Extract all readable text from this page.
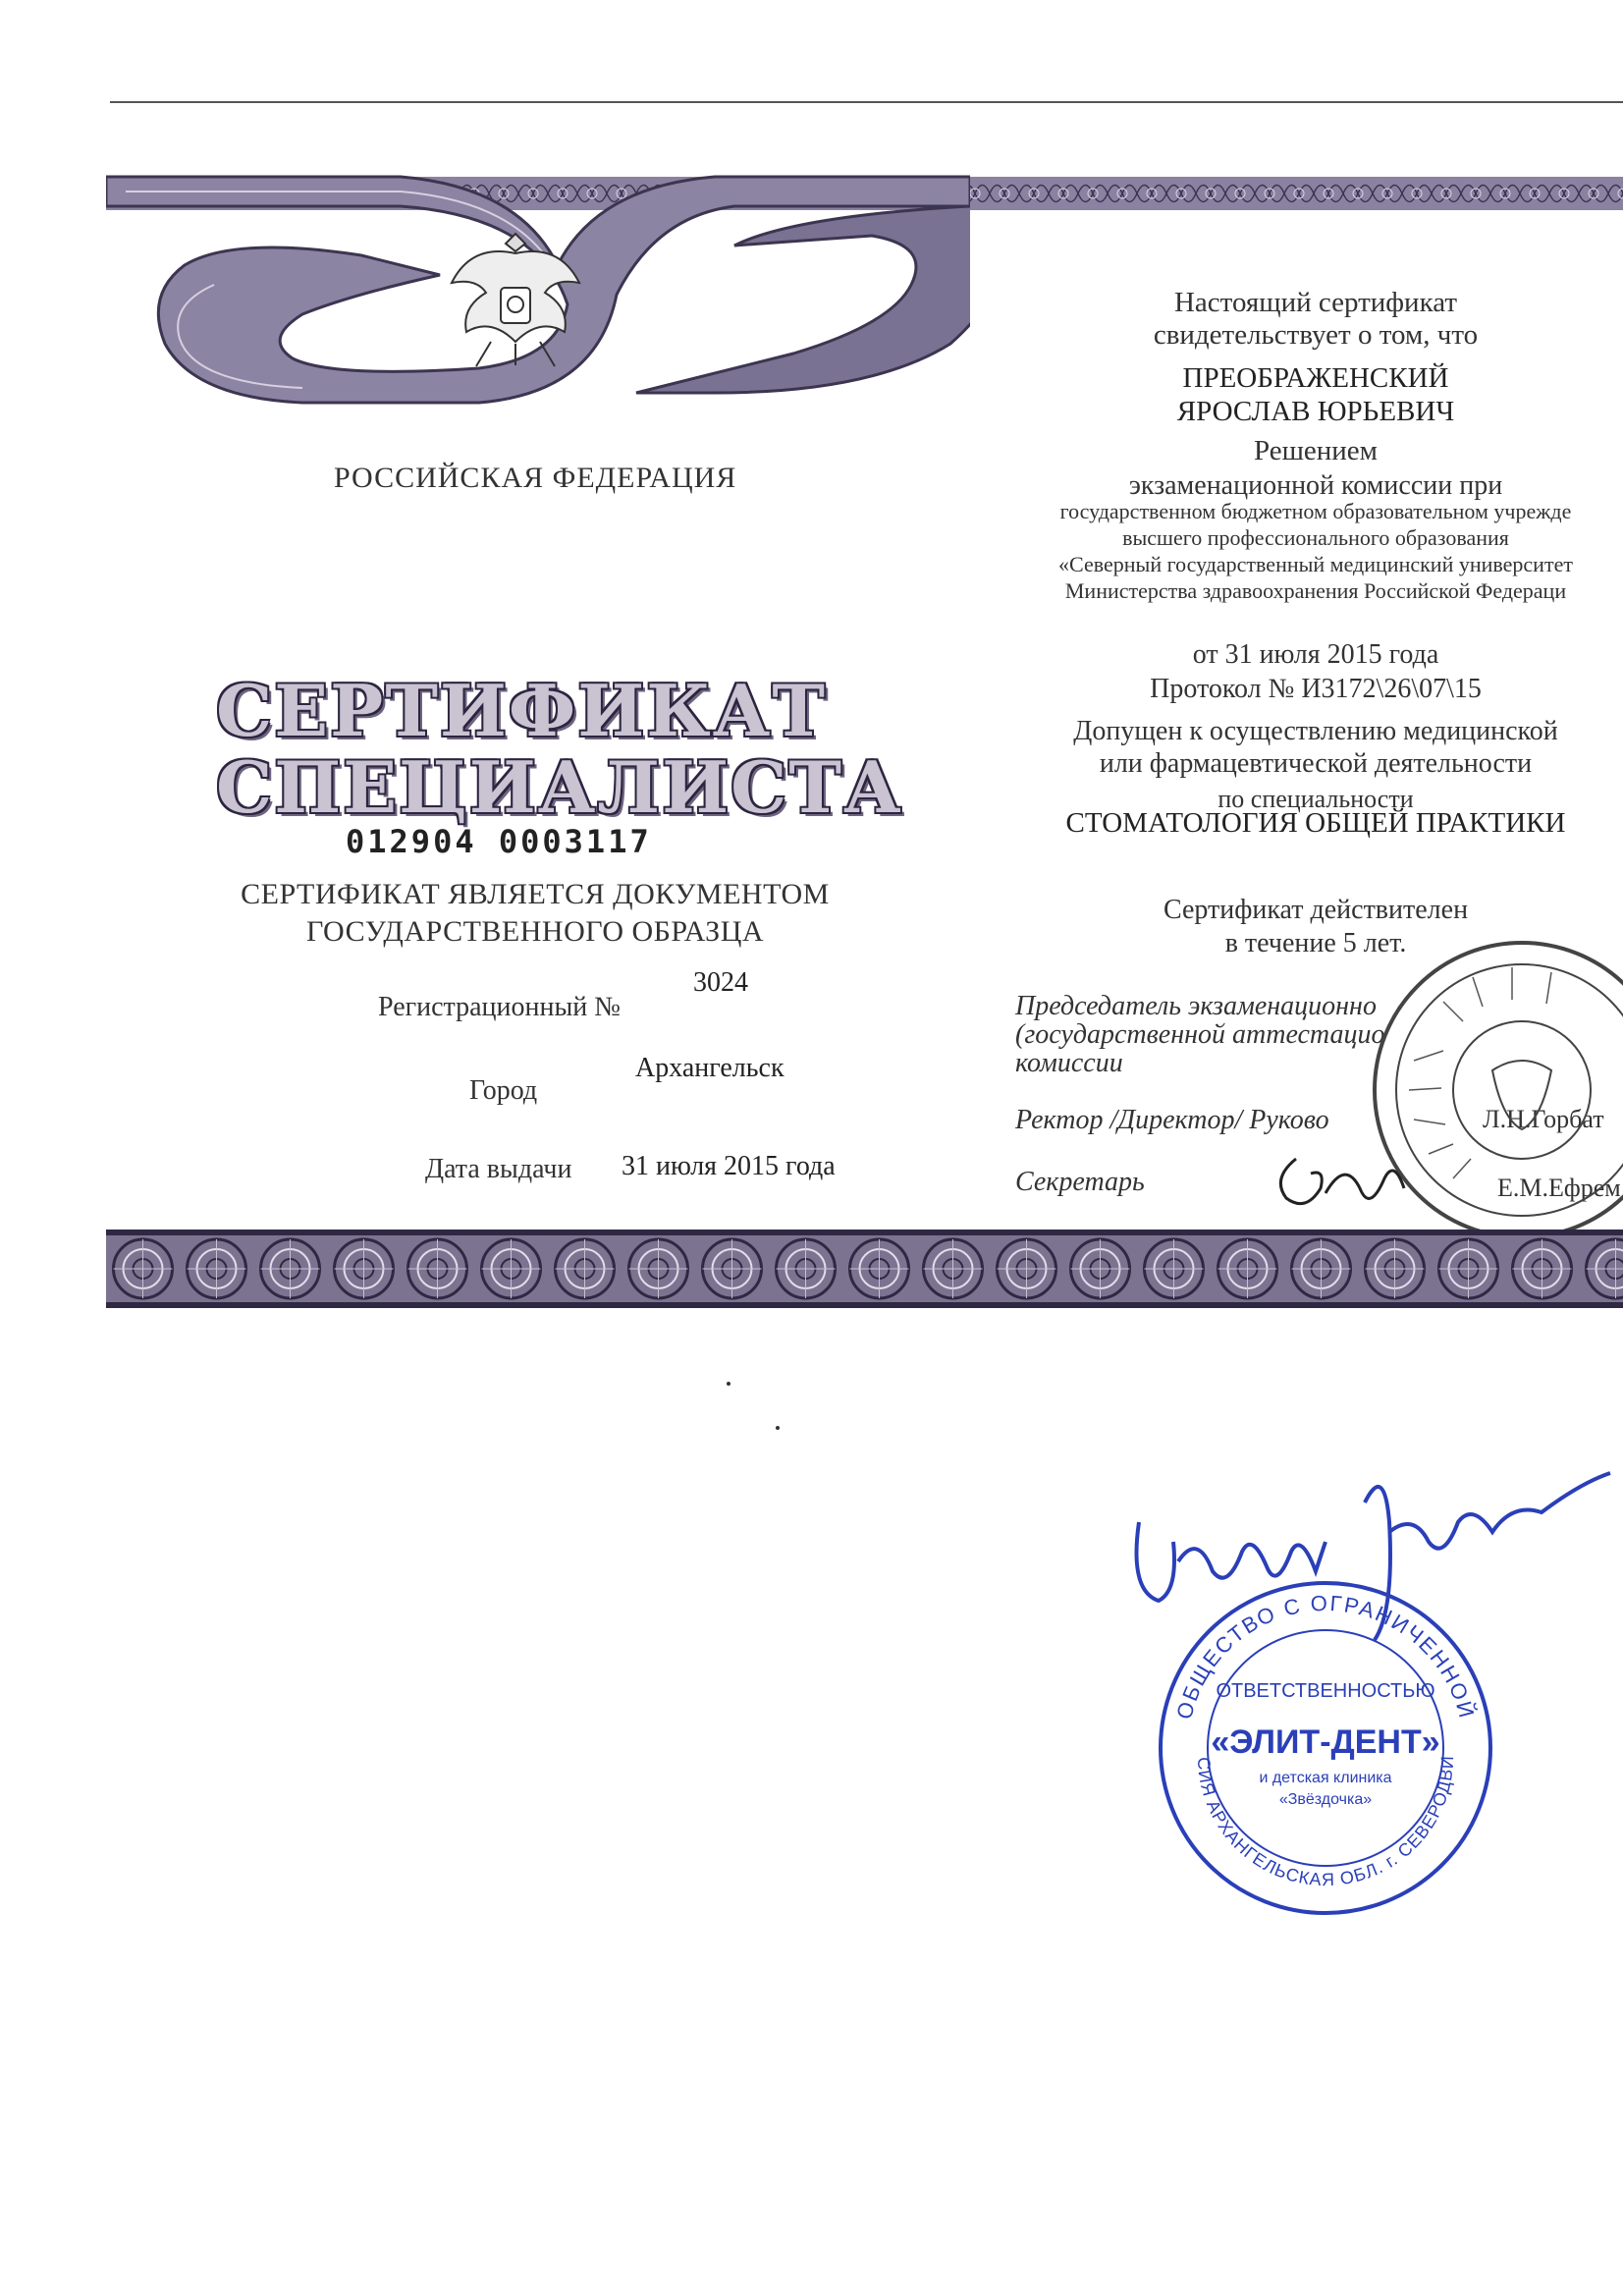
РОССИЙСКАЯ ФЕДЕРАЦИЯ
СЕРТИФИКАТ
СПЕЦИАЛИСТА
012904 0003117
СЕРТИФИКАТ ЯВЛЯЕТСЯ ДОКУМЕНТОМ
ГОСУДАРСТВЕННОГО ОБРАЗЦА
Регистрационный №
3024
Город
Архангельск
Дата выдачи 31 июля 2015 года
Настоящий сертификат
свидетельствует о том, что
ПРЕОБРАЖЕНСКИЙ
ЯРОСЛАВ ЮРЬЕВИЧ
Решением
экзаменационной комиссии при
государственном бюджетном образовательном учрежде
высшего профессионального образования
«Северный государственный медицинский университет
Министерства здравоохранения Российской Федераци
от 31 июля 2015 года
Протокол № И3172\26\07\15
Допущен к осуществлению медицинской
или фармацевтической деятельности
по специальности
СТОМАТОЛОГИЯ ОБЩЕЙ ПРАКТИКИ
Сертификат действителен
в течение 5 лет.
Председатель экзаменационно
(государственной аттестацио
комиссии
Ректор /Директор/ Руково	Л.Н.Горбат
Секретарь	Е.М.Ефрем
ОБЩЕСТВО С ОГРАНИЧЕННОЙ
СИЯ АРХАНГЕЛЬСКАЯ ОБЛ. г. СЕВЕРОДВИ
ОТВЕТСТВЕННОСТЬЮ
«ЭЛИТ-ДЕНТ»
и детская клиника
«Звёздочка»
